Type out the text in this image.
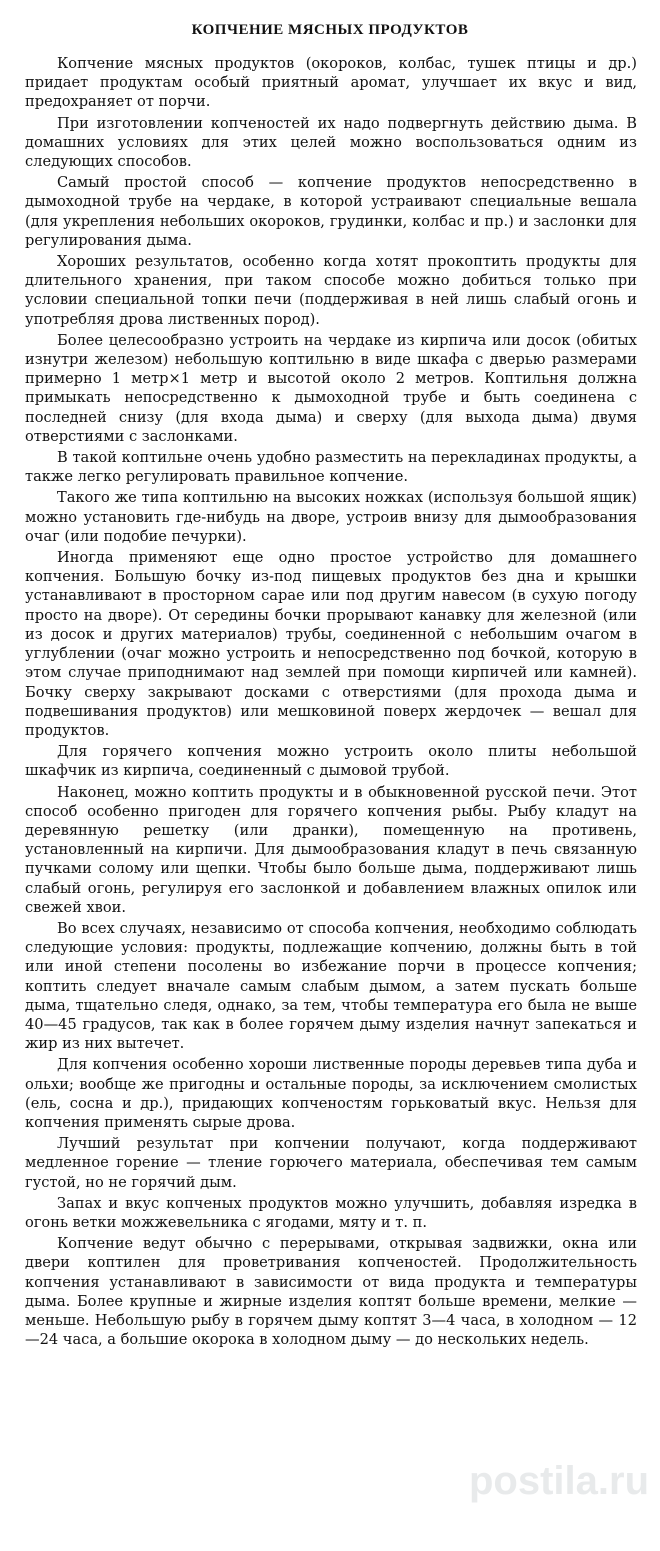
КОПЧЕНИЕ МЯСНЫХ ПРОДУКТОВ

Копчение мясных продуктов (окороков, колбас, тушек птицы и др.) придает продуктам особый приятный аромат, улучшает их вкус и вид, предохраняет от порчи.

При изготовлении копченостей их надо подвергнуть действию дыма. В домашних условиях для этих целей можно воспользоваться одним из следующих способов.

Самый простой способ — копчение продуктов непосредственно в дымоходной трубе на чердаке, в которой устраивают специальные вешала (для укрепления небольших окороков, грудинки, колбас и пр.) и заслонки для регулирования дыма.

Хороших результатов, особенно когда хотят прокоптить продукты для длительного хранения, при таком способе можно добиться только при условии специальной топки печи (поддерживая в ней лишь слабый огонь и употребляя дрова лиственных пород).

Более целесообразно устроить на чердаке из кирпича или досок (обитых изнутри железом) небольшую коптильню в виде шкафа с дверью размерами примерно 1 метр×1 метр и высотой около 2 метров. Коптильня должна примыкать непосредственно к дымоходной трубе и быть соединена с последней снизу (для входа дыма) и сверху (для выхода дыма) двумя отверстиями с заслонками.

В такой коптильне очень удобно разместить на перекладинах продукты, а также легко регулировать правильное копчение.

Такого же типа коптильню на высоких ножках (используя большой ящик) можно установить где-нибудь на дворе, устроив внизу для дымообразования очаг (или подобие печурки).

Иногда применяют еще одно простое устройство для домашнего копчения. Большую бочку из-под пищевых продуктов без дна и крышки устанавливают в просторном сарае или под другим навесом (в сухую погоду просто на дворе). От середины бочки прорывают канавку для железной (или из досок и других материалов) трубы, соединенной с небольшим очагом в углублении (очаг можно устроить и непосредственно под бочкой, которую в этом случае приподнимают над землей при помощи кирпичей или камней). Бочку сверху закрывают досками с отверстиями (для прохода дыма и подвешивания продуктов) или мешковиной поверх жердочек — вешал для продуктов.

Для горячего копчения можно устроить около плиты небольшой шкафчик из кирпича, соединенный с дымовой трубой.

Наконец, можно коптить продукты и в обыкновенной русской печи. Этот способ особенно пригоден для горячего копчения рыбы. Рыбу кладут на деревянную решетку (или дранки), помещенную на противень, установленный на кирпичи. Для дымообразования кладут в печь связанную пучками солому или щепки. Чтобы было больше дыма, поддерживают лишь слабый огонь, регулируя его заслонкой и добавлением влажных опилок или свежей хвои.

Во всех случаях, независимо от способа копчения, необходимо соблюдать следующие условия: продукты, подлежащие копчению, должны быть в той или иной степени посолены во избежание порчи в процессе копчения; коптить следует вначале самым слабым дымом, а затем пускать больше дыма, тщательно следя, однако, за тем, чтобы температура его была не выше 40—45 градусов, так как в более горячем дыму изделия начнут запекаться и жир из них вытечет.

Для копчения особенно хороши лиственные породы деревьев типа дуба и ольхи; вообще же пригодны и остальные породы, за исключением смолистых (ель, сосна и др.), придающих копченостям горьковатый вкус. Нельзя для копчения применять сырые дрова.

Лучший результат при копчении получают, когда поддерживают медленное горение — тление горючего материала, обеспечивая тем самым густой, но не горячий дым.

Запах и вкус копченых продуктов можно улучшить, добавляя изредка в огонь ветки можжевельника с ягодами, мяту и т. п.

Копчение ведут обычно с перерывами, открывая задвижки, окна или двери коптилен для проветривания копченостей. Продолжительность копчения устанавливают в зависимости от вида продукта и температуры дыма. Более крупные и жирные изделия коптят больше времени, мелкие — меньше. Небольшую рыбу в горячем дыму коптят 3—4 часа, в холодном — 12—24 часа, а большие окорока в холодном дыму — до нескольких недель.

postila.ru
